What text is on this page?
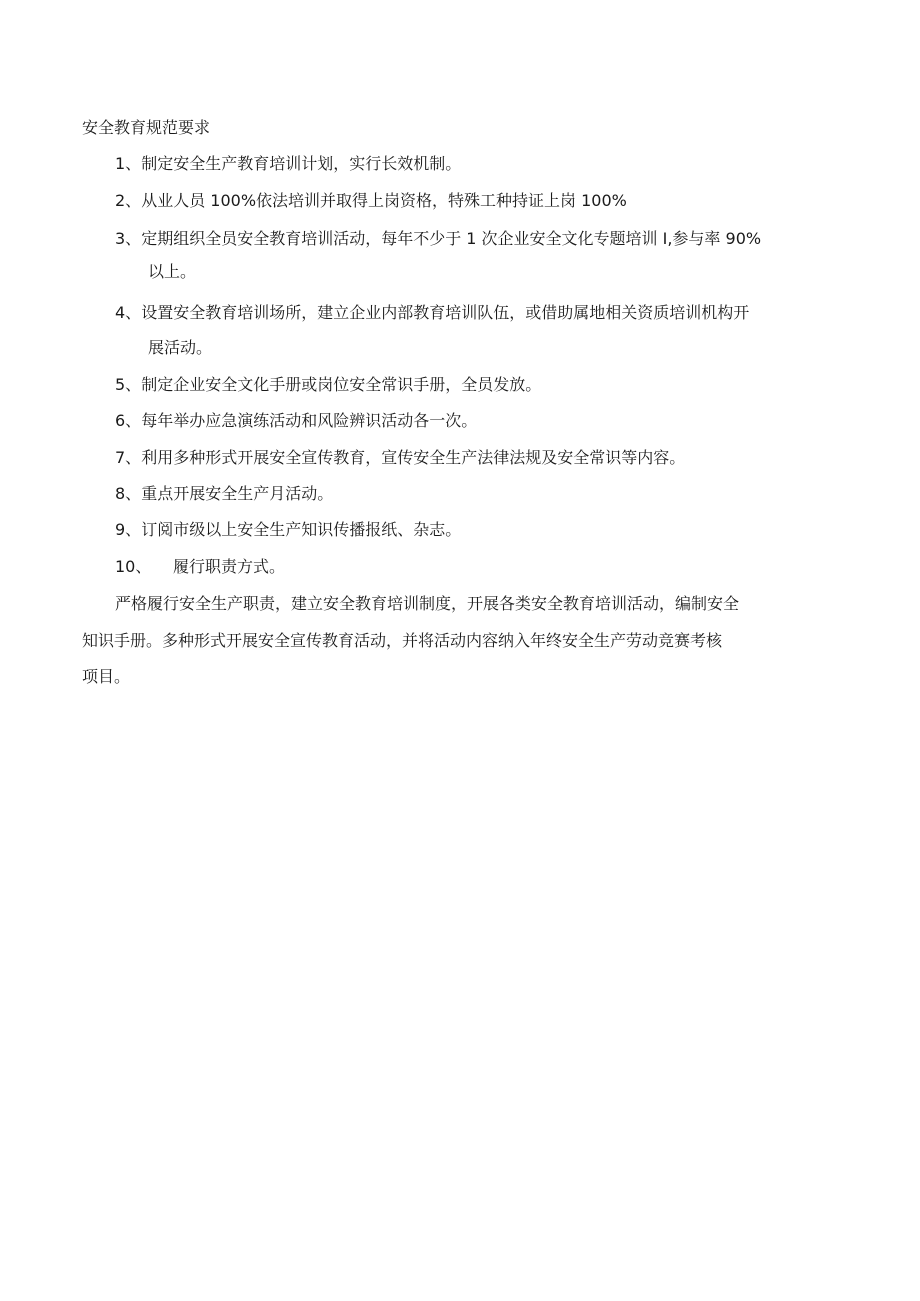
安全教育规范要求
1、制定安全生产教育培训计划，实行长效机制。
2、从业人员 100%依法培训并取得上岗资格，特殊工种持证上岗 100%
3、定期组织全员安全教育培训活动，每年不少于 1 次企业安全文化专题培训 I,参与率 90%
以上。
4、设置安全教育培训场所，建立企业内部教育培训队伍，或借助属地相关资质培训机构开
展活动。
5、制定企业安全文化手册或岗位安全常识手册，全员发放。
6、每年举办应急演练活动和风险辨识活动各一次。
7、利用多种形式开展安全宣传教育，宣传安全生产法律法规及安全常识等内容。
8、重点开展安全生产月活动。
9、订阅市级以上安全生产知识传播报纸、杂志。
10、 履行职责方式。
严格履行安全生产职责，建立安全教育培训制度，开展各类安全教育培训活动，编制安全
知识手册。多种形式开展安全宣传教育活动，并将活动内容纳入年终安全生产劳动竞赛考核
项目。
